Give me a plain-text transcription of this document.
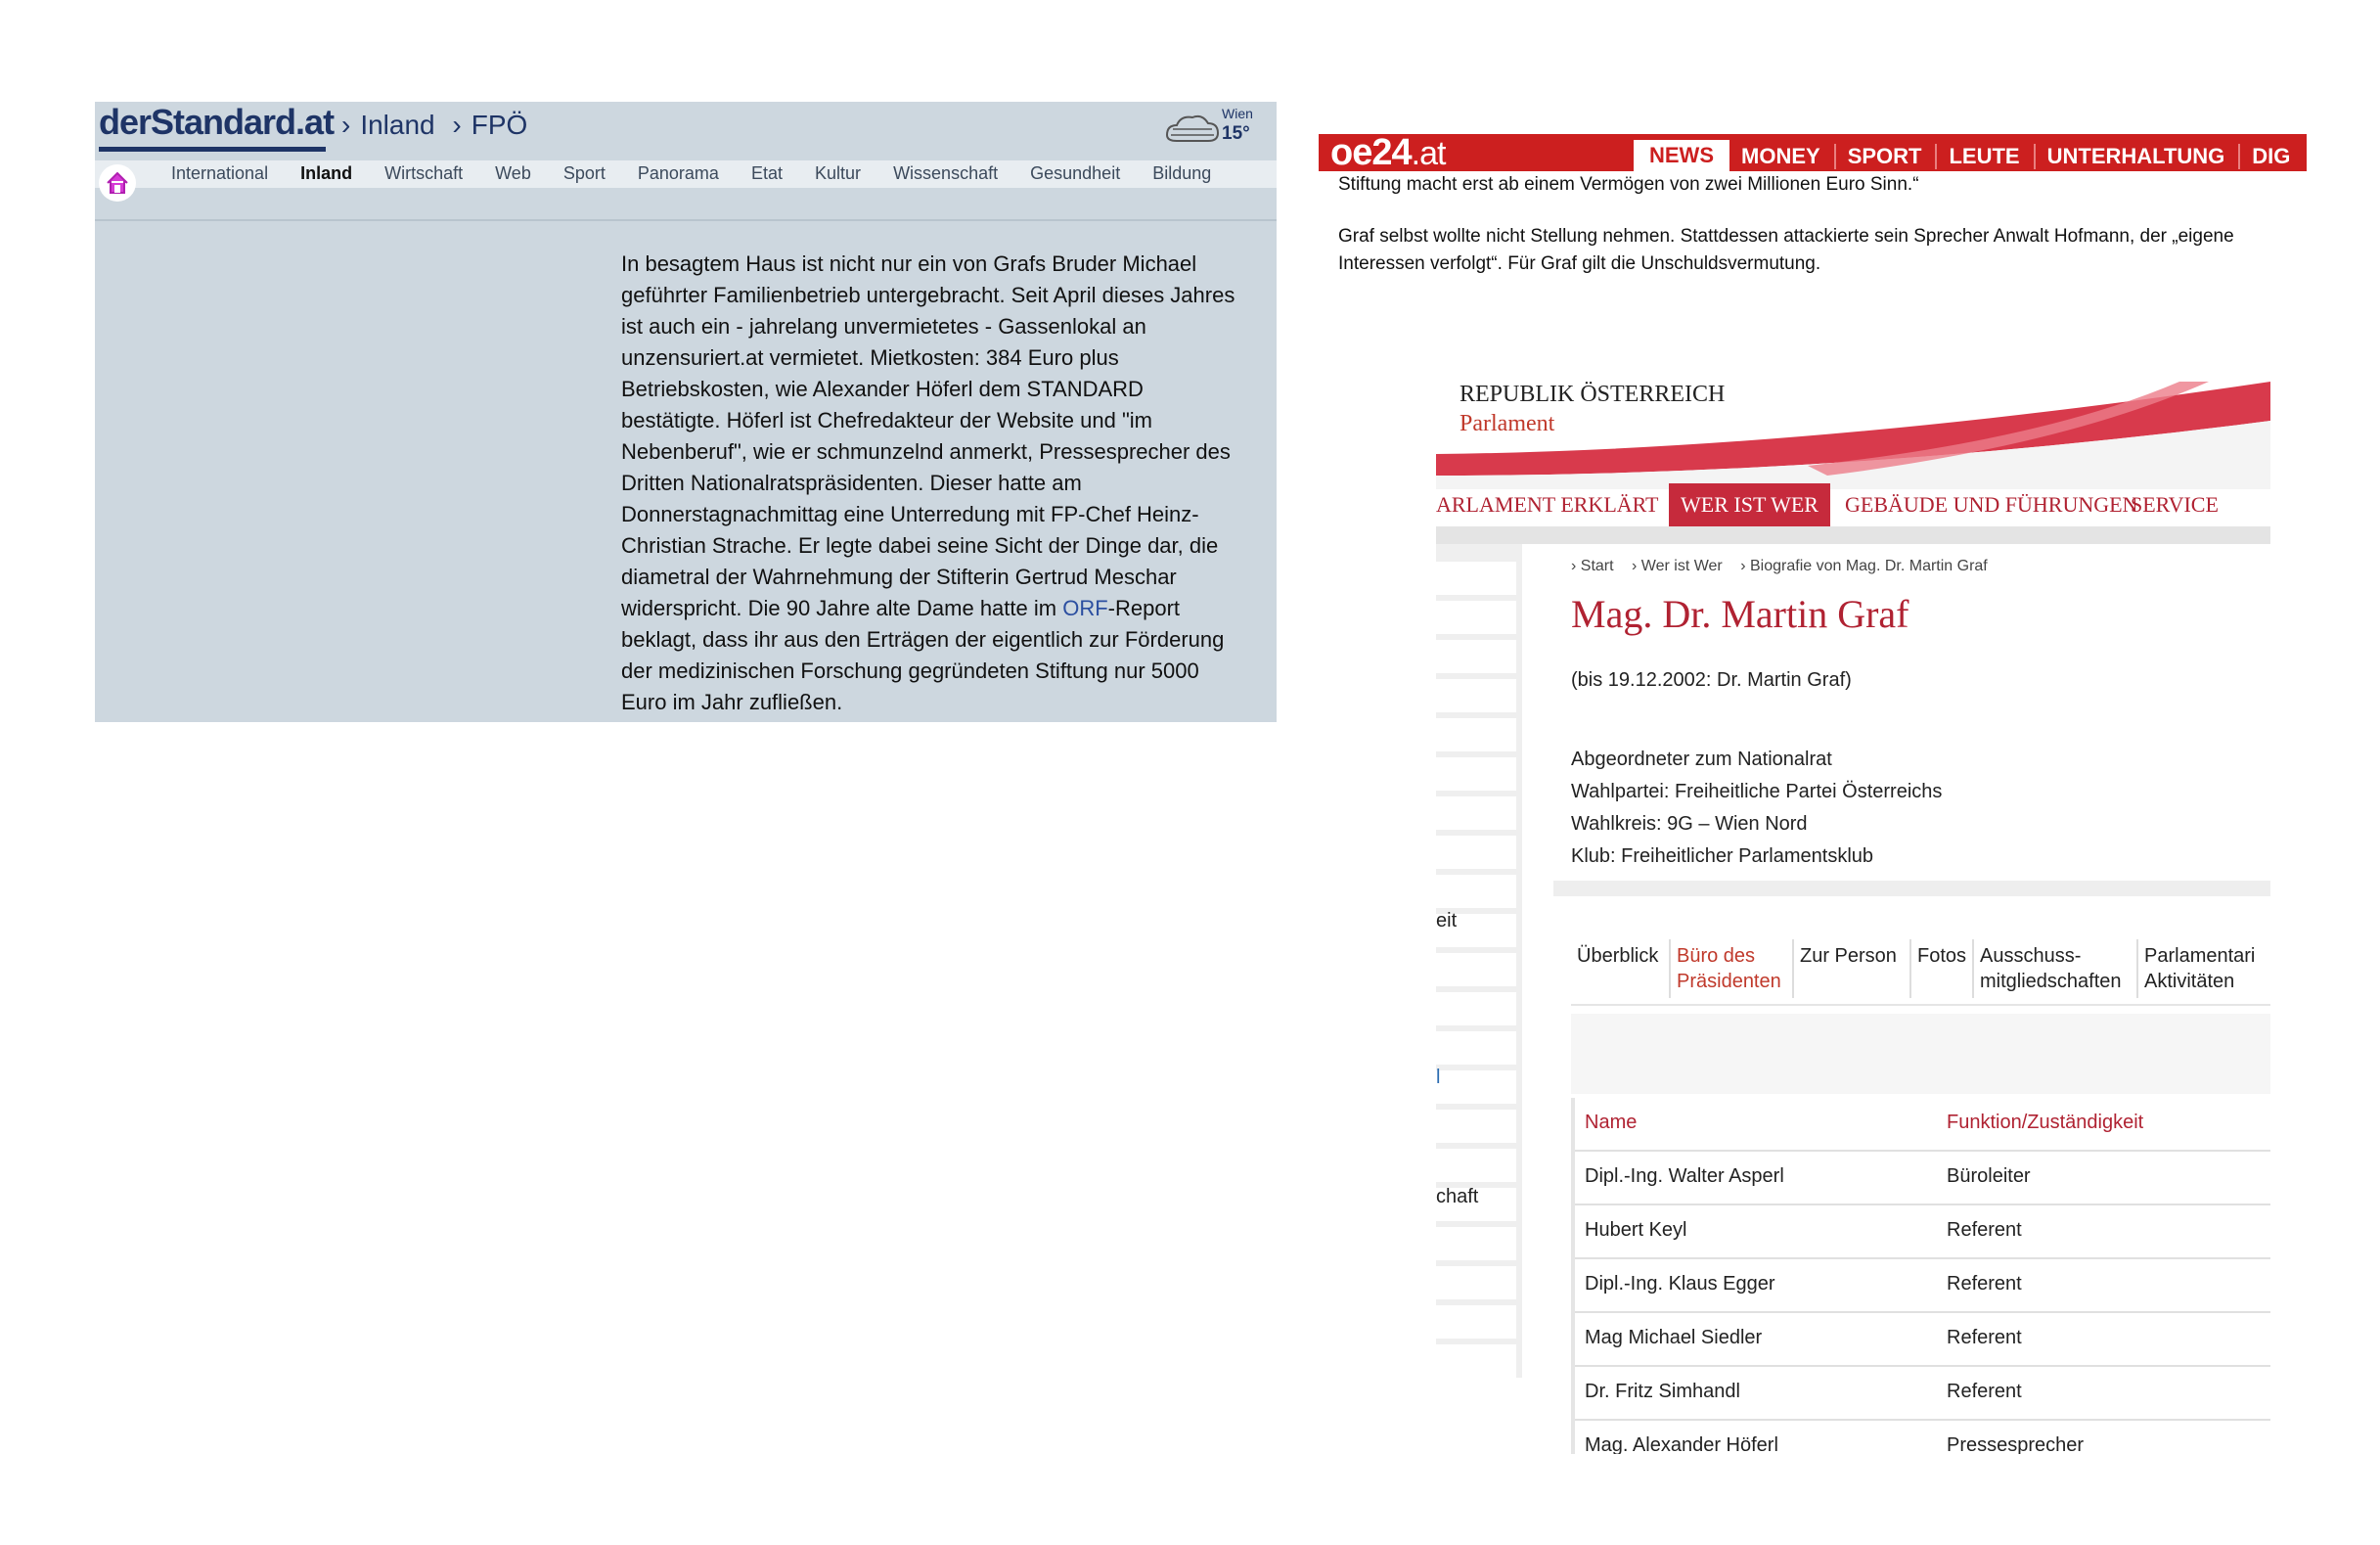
derStandard.at › Inland › FPÖ	Wien
15°
International Inland Wirtschaft Web Sport Panorama Etat Kultur Wissenschaft Gesundheit Bildung
In besagtem Haus ist nicht nur ein von Grafs Bruder Michael geführter Familienbetrieb untergebracht. Seit April dieses Jahres ist auch ein - jahrelang unvermietetes - Gassenlokal an unzensuriert.at vermietet. Mietkosten: 384 Euro plus Betriebskosten, wie Alexander Höferl dem STANDARD bestätigte. Höferl ist Chefredakteur der Website und "im Nebenberuf", wie er schmunzelnd anmerkt, Pressesprecher des Dritten Nationalratspräsidenten. Dieser hatte am Donnerstagnachmittag eine Unterredung mit FP-Chef Heinz-Christian Strache. Er legte dabei seine Sicht der Dinge dar, die diametral der Wahrnehmung der Stifterin Gertrud Meschar widerspricht. Die 90 Jahre alte Dame hatte im ORF-Report beklagt, dass ihr aus den Erträgen der eigentlich zur Förderung der medizinischen Forschung gegründeten Stiftung nur 5000 Euro im Jahr zufließen.
oe24.at	NEWS	MONEY SPORT LEUTE UNTERHALTUNG DIG
Stiftung macht erst ab einem Vermögen von zwei Millionen Euro Sinn.“
Graf selbst wollte nicht Stellung nehmen. Stattdessen attackierte sein Sprecher Anwalt Hofmann, der „eigene Interessen verfolgt“. Für Graf gilt die Unschuldsvermutung.
REPUBLIK ÖSTERREICH
Parlament
ARLAMENT ERKLÄRT	WER IST WER	GEBÄUDE UND FÜHRUNGEN
SERVICE
eit
l
chaft
› Start › Wer ist Wer › Biografie von Mag. Dr. Martin Graf
Mag. Dr. Martin Graf
(bis 19.12.2002: Dr. Martin Graf)
Abgeordneter zum Nationalrat
Wahlpartei: Freiheitliche Partei Österreichs
Wahlkreis: 9G – Wien Nord
Klub: Freiheitlicher Parlamentsklub
Überblick Büro des
Präsidenten
Zur Person	Fotos Ausschuss-
mitgliedschaften
Parlamentari
Aktivitäten
Name	Funktion/Zuständigkeit
Dipl.-Ing. Walter Asperl	Büroleiter
Hubert Keyl	Referent
Dipl.-Ing. Klaus Egger	Referent
Mag Michael Siedler	Referent
Dr. Fritz Simhandl	Referent
Mag. Alexander Höferl	Pressesprecher
